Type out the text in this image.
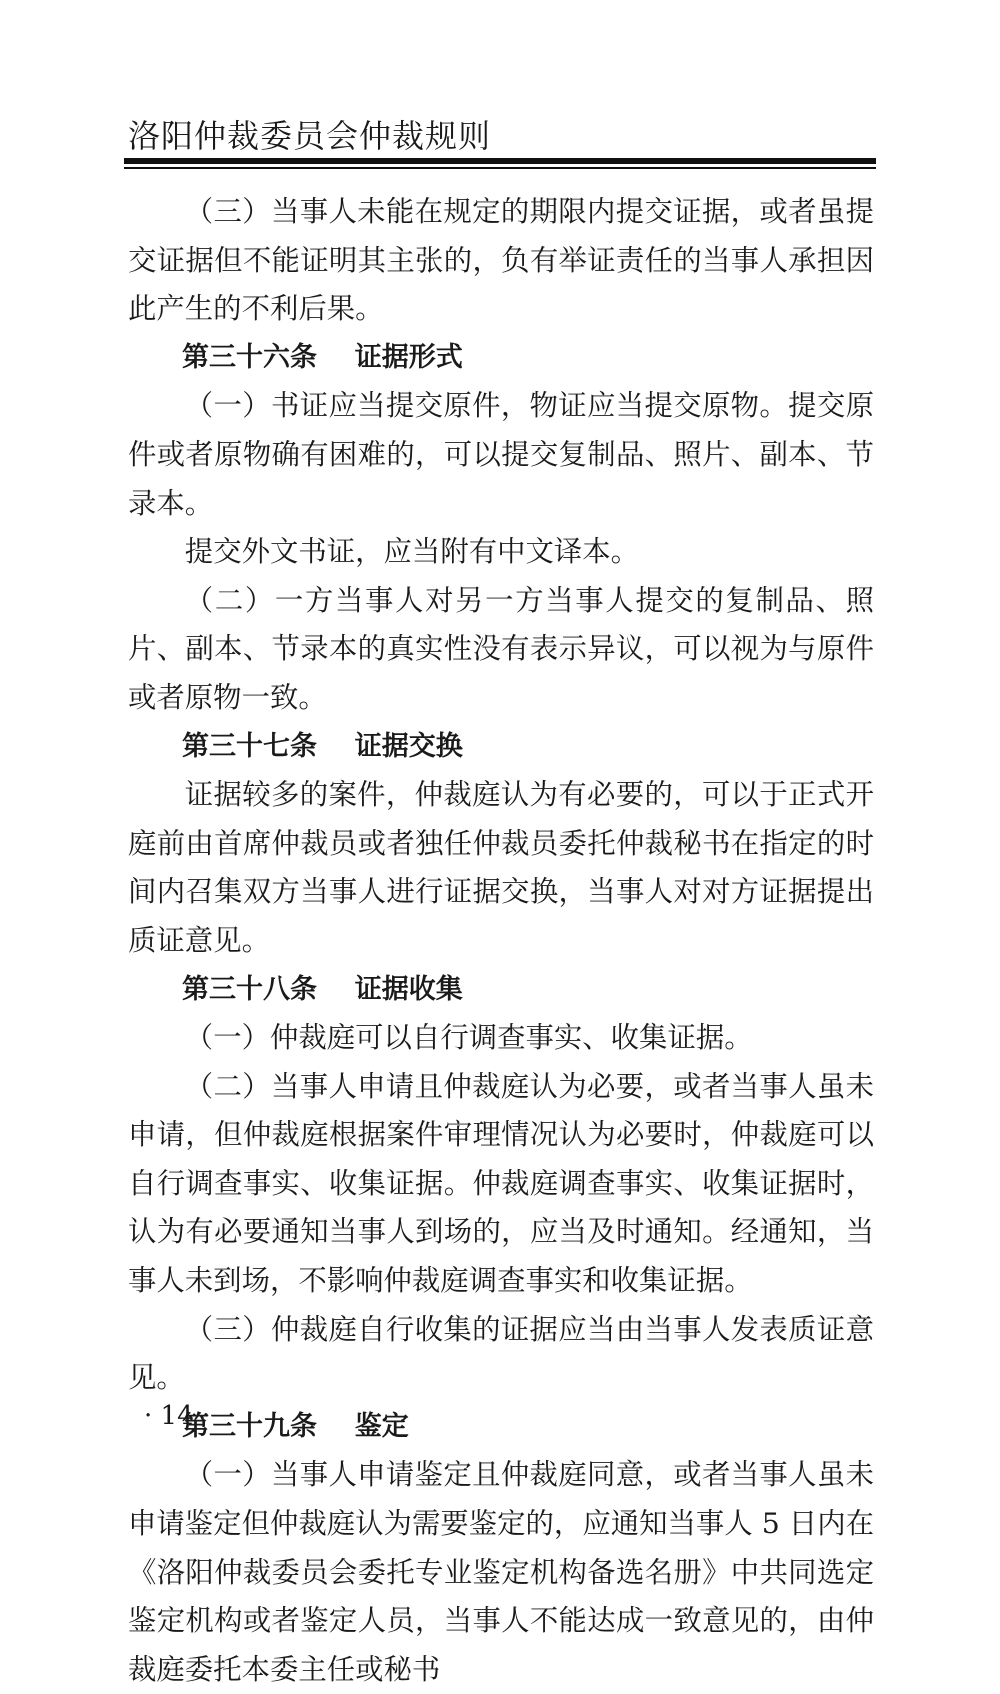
洛阳仲裁委员会仲裁规则

（三）当事人未能在规定的期限内提交证据，或者虽提交证据但不能证明其主张的，负有举证责任的当事人承担因此产生的不利后果。

第三十六条 证据形式

（一）书证应当提交原件，物证应当提交原物。提交原件或者原物确有困难的，可以提交复制品、照片、副本、节录本。

提交外文书证，应当附有中文译本。

（二）一方当事人对另一方当事人提交的复制品、照片、副本、节录本的真实性没有表示异议，可以视为与原件或者原物一致。

第三十七条 证据交换

证据较多的案件，仲裁庭认为有必要的，可以于正式开庭前由首席仲裁员或者独任仲裁员委托仲裁秘书在指定的时间内召集双方当事人进行证据交换，当事人对对方证据提出质证意见。

第三十八条 证据收集

（一）仲裁庭可以自行调查事实、收集证据。

（二）当事人申请且仲裁庭认为必要，或者当事人虽未申请，但仲裁庭根据案件审理情况认为必要时，仲裁庭可以自行调查事实、收集证据。仲裁庭调查事实、收集证据时，认为有必要通知当事人到场的，应当及时通知。经通知，当事人未到场，不影响仲裁庭调查事实和收集证据。

（三）仲裁庭自行收集的证据应当由当事人发表质证意见。

第三十九条 鉴定

（一）当事人申请鉴定且仲裁庭同意，或者当事人虽未申请鉴定但仲裁庭认为需要鉴定的，应通知当事人 5 日内在《洛阳仲裁委员会委托专业鉴定机构备选名册》中共同选定鉴定机构或者鉴定人员，当事人不能达成一致意见的，由仲裁庭委托本委主任或秘书

· 14 ·
